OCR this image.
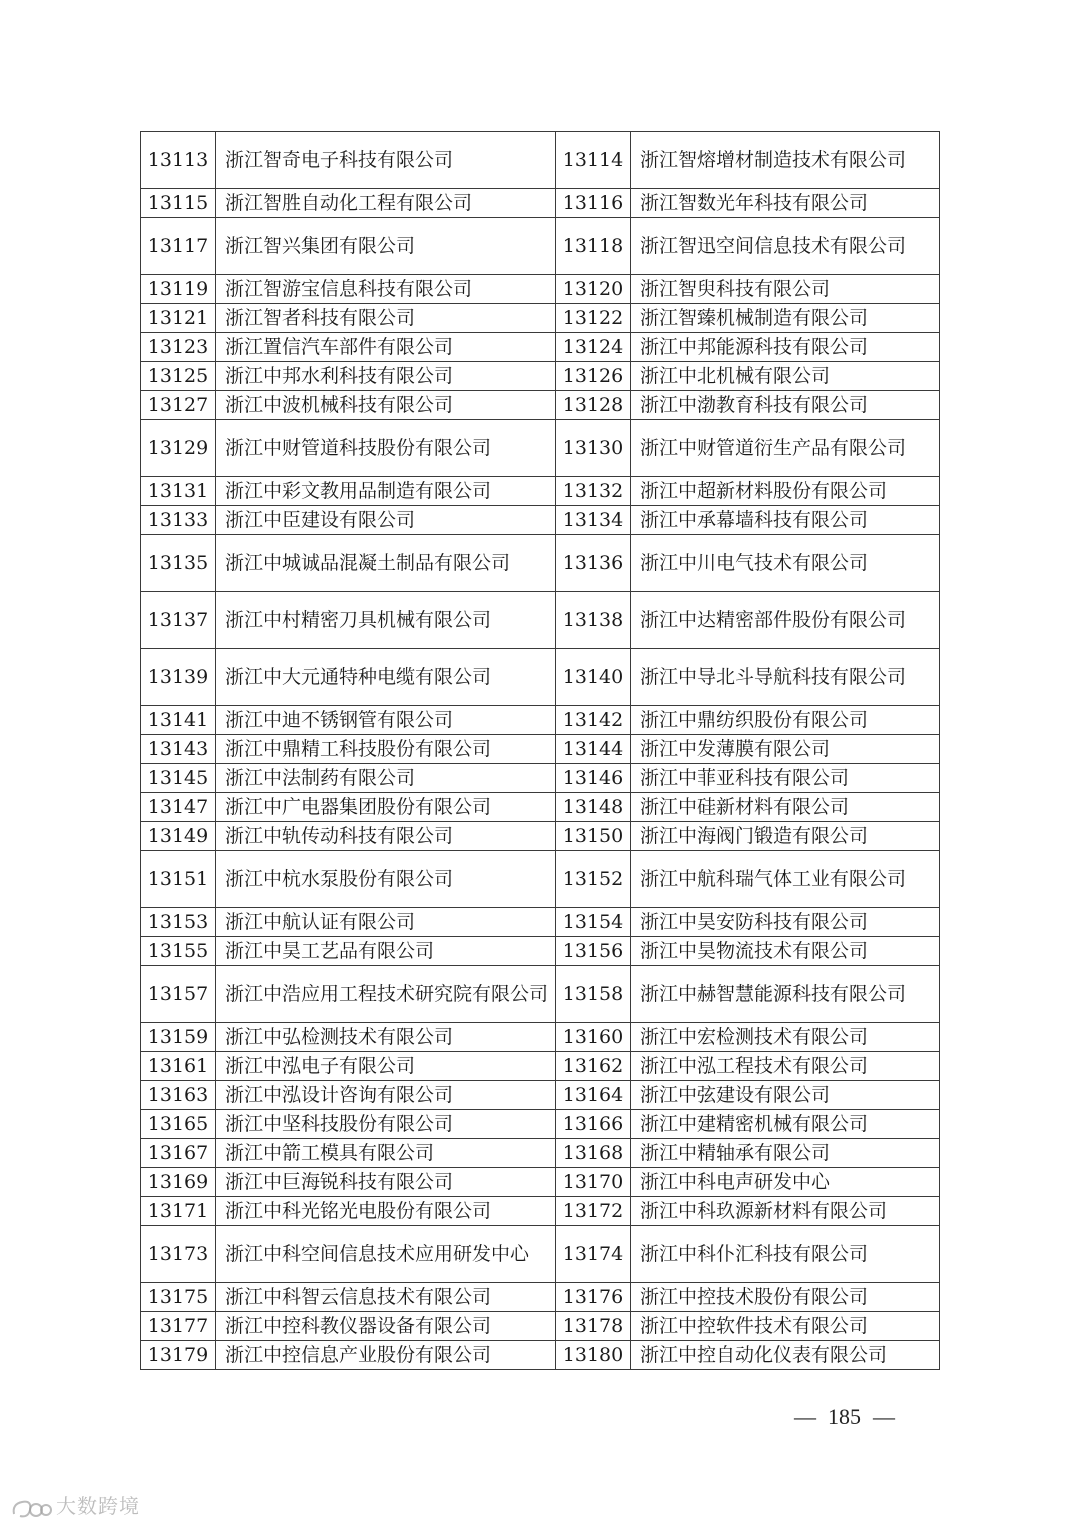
13113	浙江智奇电子科技有限公司	13114	浙江智熔增材制造技术有限公司
13115	浙江智胜自动化工程有限公司	13116	浙江智数光年科技有限公司
13117	浙江智兴集团有限公司	13118	浙江智迅空间信息技术有限公司
13119	浙江智游宝信息科技有限公司	13120	浙江智臾科技有限公司
13121	浙江智者科技有限公司	13122	浙江智臻机械制造有限公司
13123	浙江置信汽车部件有限公司	13124	浙江中邦能源科技有限公司
13125	浙江中邦水利科技有限公司	13126	浙江中北机械有限公司
13127	浙江中波机械科技有限公司	13128	浙江中渤教育科技有限公司
13129	浙江中财管道科技股份有限公司	13130	浙江中财管道衍生产品有限公司
13131	浙江中彩文教用品制造有限公司	13132	浙江中超新材料股份有限公司
13133	浙江中臣建设有限公司	13134	浙江中承幕墙科技有限公司
13135	浙江中城诚品混凝土制品有限公司	13136	浙江中川电气技术有限公司
13137	浙江中村精密刀具机械有限公司	13138	浙江中达精密部件股份有限公司
13139	浙江中大元通特种电缆有限公司	13140	浙江中导北斗导航科技有限公司
13141	浙江中迪不锈钢管有限公司	13142	浙江中鼎纺织股份有限公司
13143	浙江中鼎精工科技股份有限公司	13144	浙江中发薄膜有限公司
13145	浙江中法制药有限公司	13146	浙江中菲亚科技有限公司
13147	浙江中广电器集团股份有限公司	13148	浙江中硅新材料有限公司
13149	浙江中轨传动科技有限公司	13150	浙江中海阀门锻造有限公司
13151	浙江中杭水泵股份有限公司	13152	浙江中航科瑞气体工业有限公司
13153	浙江中航认证有限公司	13154	浙江中昊安防科技有限公司
13155	浙江中昊工艺品有限公司	13156	浙江中昊物流技术有限公司
13157	浙江中浩应用工程技术研究院有限公司	13158	浙江中赫智慧能源科技有限公司
13159	浙江中弘检测技术有限公司	13160	浙江中宏检测技术有限公司
13161	浙江中泓电子有限公司	13162	浙江中泓工程技术有限公司
13163	浙江中泓设计咨询有限公司	13164	浙江中弦建设有限公司
13165	浙江中坚科技股份有限公司	13166	浙江中建精密机械有限公司
13167	浙江中箭工模具有限公司	13168	浙江中精轴承有限公司
13169	浙江中巨海锐科技有限公司	13170	浙江中科电声研发中心
13171	浙江中科光铭光电股份有限公司	13172	浙江中科玖源新材料有限公司
13173	浙江中科空间信息技术应用研发中心	13174	浙江中科仆汇科技有限公司
13175	浙江中科智云信息技术有限公司	13176	浙江中控技术股份有限公司
13177	浙江中控科教仪器设备有限公司	13178	浙江中控软件技术有限公司
13179	浙江中控信息产业股份有限公司	13180	浙江中控自动化仪表有限公司
— 185 —
大数跨境
